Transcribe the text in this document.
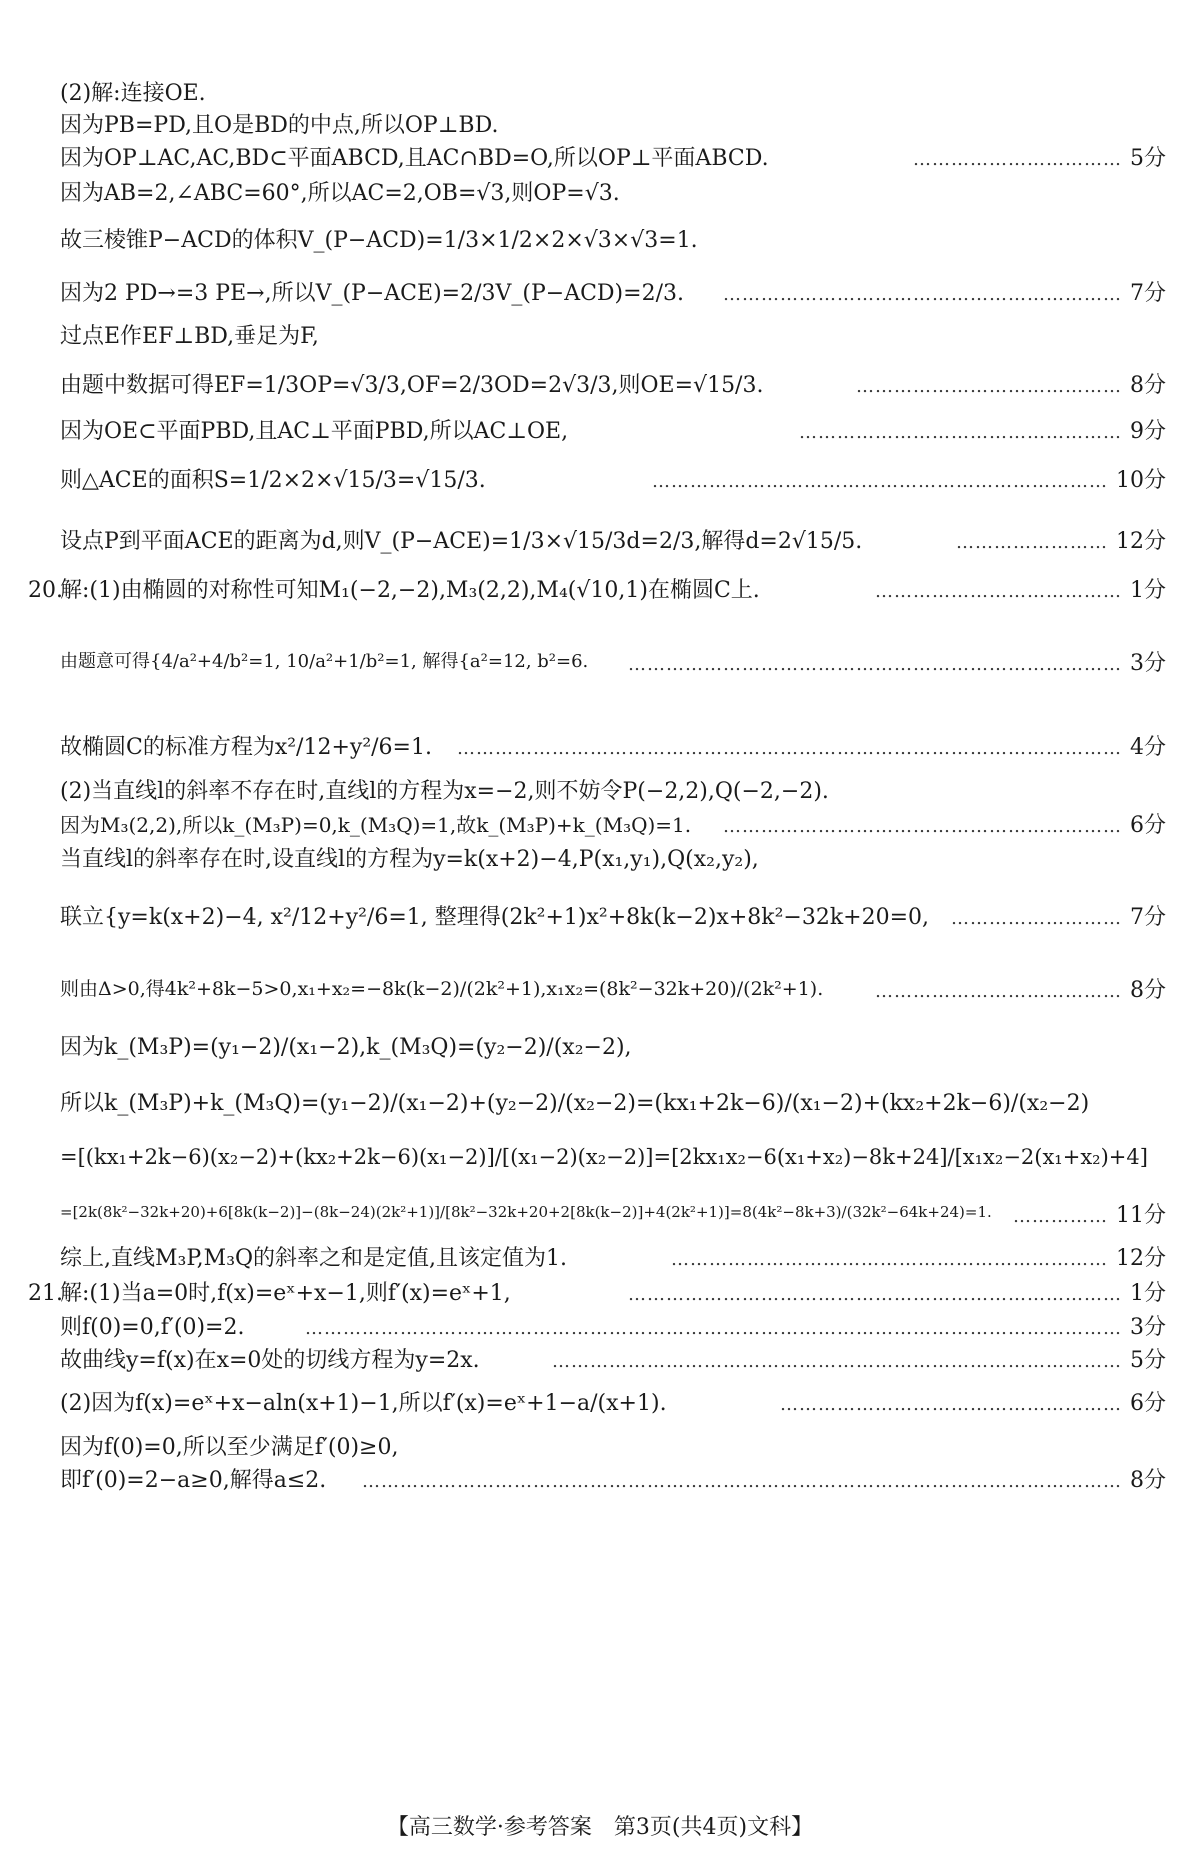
(2)解:连接OE.
因为PB=PD,且O是BD的中点,所以OP⊥BD.
因为OP⊥AC,AC,BD⊂平面ABCD,且AC∩BD=O,所以OP⊥平面ABCD.	…………………………… 5分
因为AB=2,∠ABC=60°,所以AC=2,OB=√3,则OP=√3.
故三棱锥P−ACD的体积V_(P−ACD)=1/3×1/2×2×√3×√3=1.
因为2 PD→=3 PE→,所以V_(P−ACE)=2/3V_(P−ACD)=2/3. ……………………………………………………… 7分
过点E作EF⊥BD,垂足为F,
由题中数据可得EF=1/3OP=√3/3,OF=2/3OD=2√3/3,则OE=√15/3.	…………………………………… 8分
因为OE⊂平面PBD,且AC⊥平面PBD,所以AC⊥OE,	…………………………………………… 9分
则△ACE的面积S=1/2×2×√15/3=√15/3.	……………………………………………………………… 10分
设点P到平面ACE的距离为d,则V_(P−ACE)=1/3×√15/3d=2/3,解得d=2√15/5.	…………………… 12分
20.
解:(1)由椭圆的对称性可知M₁(−2,−2),M₃(2,2),M₄(√10,1)在椭圆C上.	………………………………… 1分
由题意可得{4/a²+4/b²=1, 10/a²+1/b²=1, 解得{a²=12, b²=6. …………………………………………………………………… 3分
故椭圆C的标准方程为x²/12+y²/6=1. …………………………………………………………………………………………… 4分
(2)当直线l的斜率不存在时,直线l的方程为x=−2,则不妨令P(−2,2),Q(−2,−2).
因为M₃(2,2),所以k_(M₃P)=0,k_(M₃Q)=1,故k_(M₃P)+k_(M₃Q)=1. ……………………………………………………… 6分
当直线l的斜率存在时,设直线l的方程为y=k(x+2)−4,P(x₁,y₁),Q(x₂,y₂),
联立{y=k(x+2)−4, x²/12+y²/6=1, 整理得(2k²+1)x²+8k(k−2)x+8k²−32k+20=0, ……………………… 7分
则由Δ>0,得4k²+8k−5>0,x₁+x₂=−8k(k−2)/(2k²+1),x₁x₂=(8k²−32k+20)/(2k²+1).	………………………………… 8分
因为k_(M₃P)=(y₁−2)/(x₁−2),k_(M₃Q)=(y₂−2)/(x₂−2),
所以k_(M₃P)+k_(M₃Q)=(y₁−2)/(x₁−2)+(y₂−2)/(x₂−2)=(kx₁+2k−6)/(x₁−2)+(kx₂+2k−6)/(x₂−2)
=[(kx₁+2k−6)(x₂−2)+(kx₂+2k−6)(x₁−2)]/[(x₁−2)(x₂−2)]=[2kx₁x₂−6(x₁+x₂)−8k+24]/[x₁x₂−2(x₁+x₂)+4]
=[2k(8k²−32k+20)+6[8k(k−2)]−(8k−24)(2k²+1)]/[8k²−32k+20+2[8k(k−2)]+4(2k²+1)]=8(4k²−8k+3)/(32k²−64k+24)=1. …………… 11分
综上,直线M₃P,M₃Q的斜率之和是定值,且该定值为1.	…………………………………………………………… 12分
21.
解:(1)当a=0时,f(x)=eˣ+x−1,则f′(x)=eˣ+1,	…………………………………………………………………… 1分
则f(0)=0,f′(0)=2.	………………………………………………………………………………………………………………… 3分
故曲线y=f(x)在x=0处的切线方程为y=2x.	……………………………………………………………………………… 5分
(2)因为f(x)=eˣ+x−aln(x+1)−1,所以f′(x)=eˣ+1−a/(x+1).	……………………………………………… 6分
因为f(0)=0,所以至少满足f′(0)≥0,
即f′(0)=2−a≥0,解得a≤2. ………………………………………………………………………………………………………… 8分
【高三数学·参考答案　第3页(共4页)文科】
